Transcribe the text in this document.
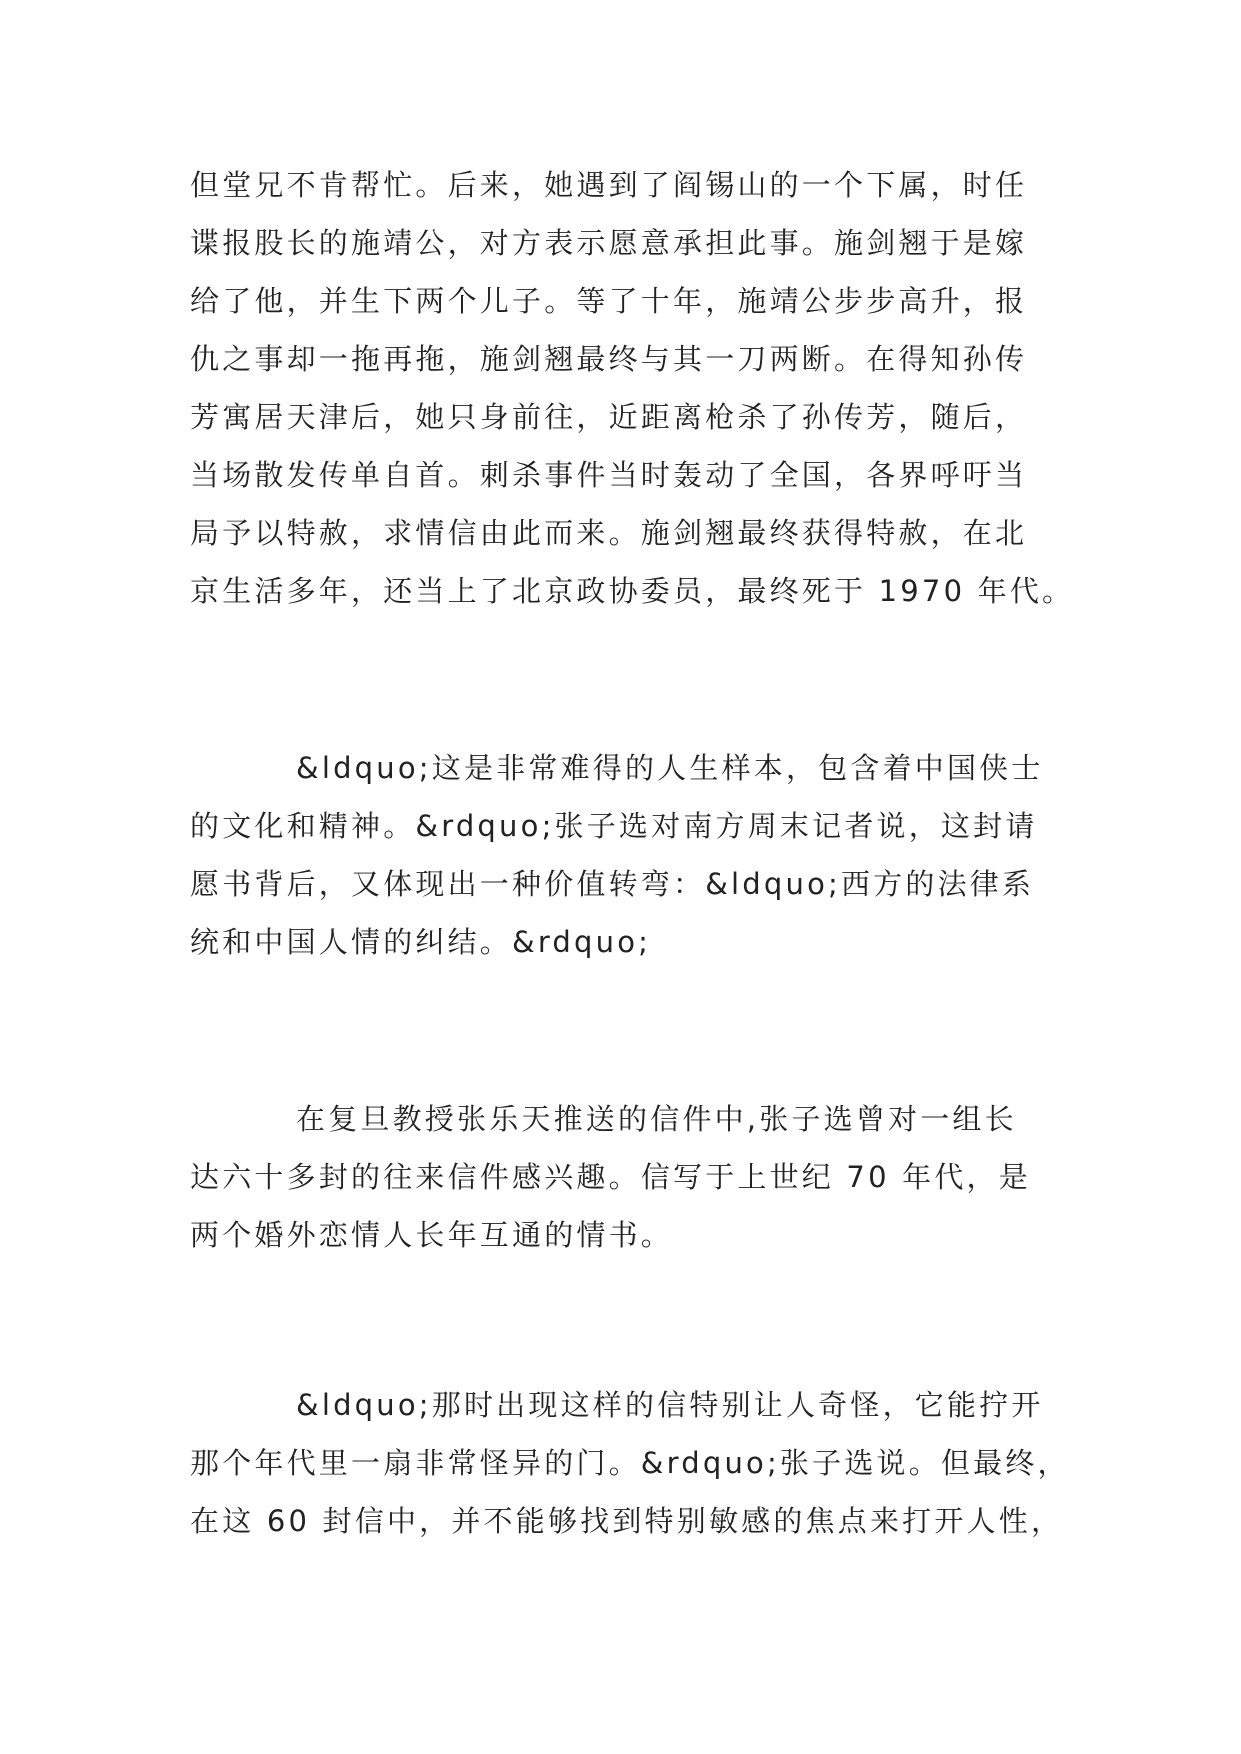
但堂兄不肯帮忙。后来，她遇到了阎锡山的一个下属，时任
谍报股长的施靖公，对方表示愿意承担此事。施剑翘于是嫁
给了他，并生下两个儿子。等了十年，施靖公步步高升，报
仇之事却一拖再拖，施剑翘最终与其一刀两断。在得知孙传
芳寓居天津后，她只身前往，近距离枪杀了孙传芳，随后，
当场散发传单自首。刺杀事件当时轰动了全国，各界呼吁当
局予以特赦，求情信由此而来。施剑翘最终获得特赦，在北
京生活多年，还当上了北京政协委员，最终死于 1970 年代。
&ldquo;这是非常难得的人生样本，包含着中国侠士
的文化和精神。&rdquo;张子选对南方周末记者说，这封请
愿书背后，又体现出一种价值转弯：&ldquo;西方的法律系
统和中国人情的纠结。&rdquo;
在复旦教授张乐天推送的信件中,张子选曾对一组长
达六十多封的往来信件感兴趣。信写于上世纪 70 年代，是
两个婚外恋情人长年互通的情书。
&ldquo;那时出现这样的信特别让人奇怪，它能拧开
那个年代里一扇非常怪异的门。&rdquo;张子选说。但最终，
在这 60 封信中，并不能够找到特别敏感的焦点来打开人性，
